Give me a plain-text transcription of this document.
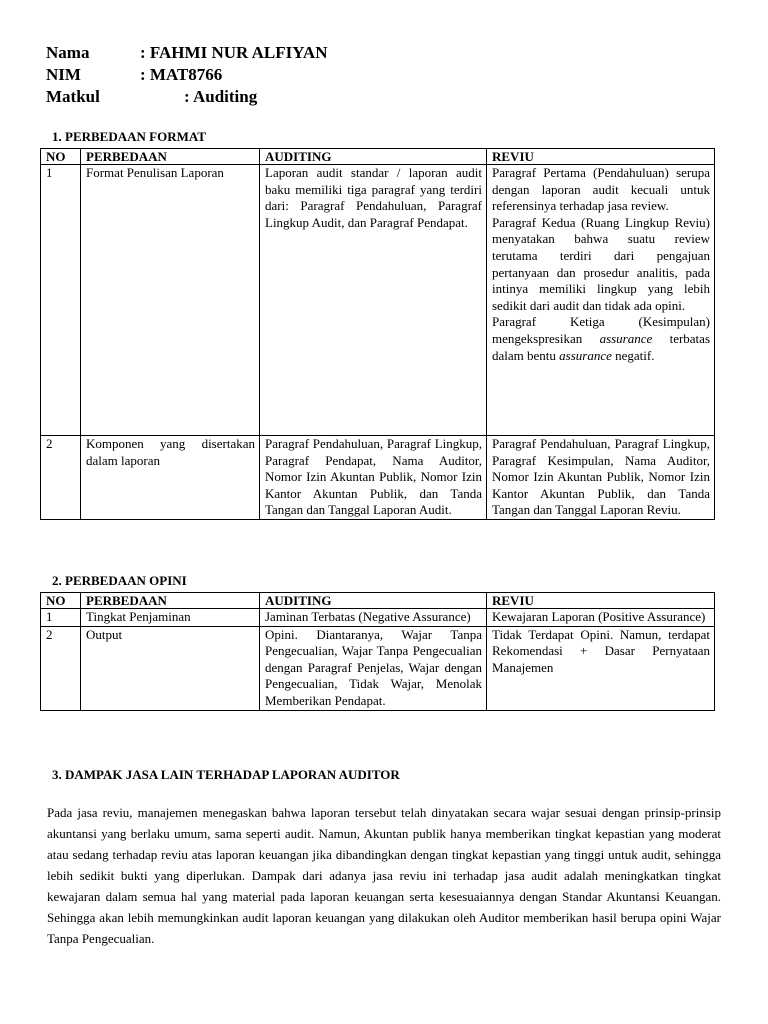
Nama	: FAHMI NUR ALFIYAN
NIM	: MAT8766
Matkul	: Auditing
1. PERBEDAAN FORMAT
NO	PERBEDAAN	AUDITING	REVIU
1	Format Penulisan Laporan	Laporan audit standar / laporan audit baku memiliki tiga paragraf yang terdiri dari: Paragraf Pendahuluan, Paragraf Lingkup Audit, dan Paragraf Pendapat.	Paragraf Pertama (Pendahuluan) serupa dengan laporan audit kecuali untuk referensinya terhadap jasa review.

Paragraf Kedua (Ruang Lingkup Reviu) menyatakan bahwa suatu review terutama terdiri dari pengajuan pertanyaan dan prosedur analitis, pada intinya memiliki lingkup yang lebih sedikit dari audit dan tidak ada opini.

Paragraf Ketiga (Kesimpulan) mengekspresikan assurance terbatas dalam bentu assurance negatif.

2	Komponen yang disertakan dalam laporan	Paragraf Pendahuluan, Paragraf Lingkup, Paragraf Pendapat, Nama Auditor, Nomor Izin Akuntan Publik, Nomor Izin Kantor Akuntan Publik, dan Tanda Tangan dan Tanggal Laporan Audit.	Paragraf Pendahuluan, Paragraf Lingkup, Paragraf Kesimpulan, Nama Auditor, Nomor Izin Akuntan Publik, Nomor Izin Kantor Akuntan Publik, dan Tanda Tangan dan Tanggal Laporan Reviu.
2. PERBEDAAN OPINI
NO	PERBEDAAN	AUDITING	REVIU
1	Tingkat Penjaminan	Jaminan Terbatas (Negative Assurance)	Kewajaran Laporan (Positive Assurance)
2	Output	Opini. Diantaranya, Wajar Tanpa Pengecualian, Wajar Tanpa Pengecualian dengan Paragraf Penjelas, Wajar dengan Pengecualian, Tidak Wajar, Menolak Memberikan Pendapat.	Tidak Terdapat Opini. Namun, terdapat Rekomendasi + Dasar Pernyataan Manajemen
3. DAMPAK JASA LAIN TERHADAP LAPORAN AUDITOR
Pada jasa reviu, manajemen menegaskan bahwa laporan tersebut telah dinyatakan secara wajar sesuai dengan prinsip-prinsip akuntansi yang berlaku umum, sama seperti audit. Namun, Akuntan publik hanya memberikan tingkat kepastian yang moderat atau sedang terhadap reviu atas laporan keuangan jika dibandingkan dengan tingkat kepastian yang tinggi untuk audit, sehingga lebih sedikit bukti yang diperlukan. Dampak dari adanya jasa reviu ini terhadap jasa audit adalah meningkatkan tingkat kewajaran dalam semua hal yang material pada laporan keuangan serta kesesuaiannya dengan Standar Akuntansi Keuangan. Sehingga akan lebih memungkinkan audit laporan keuangan yang dilakukan oleh Auditor memberikan hasil berupa opini Wajar Tanpa Pengecualian.
